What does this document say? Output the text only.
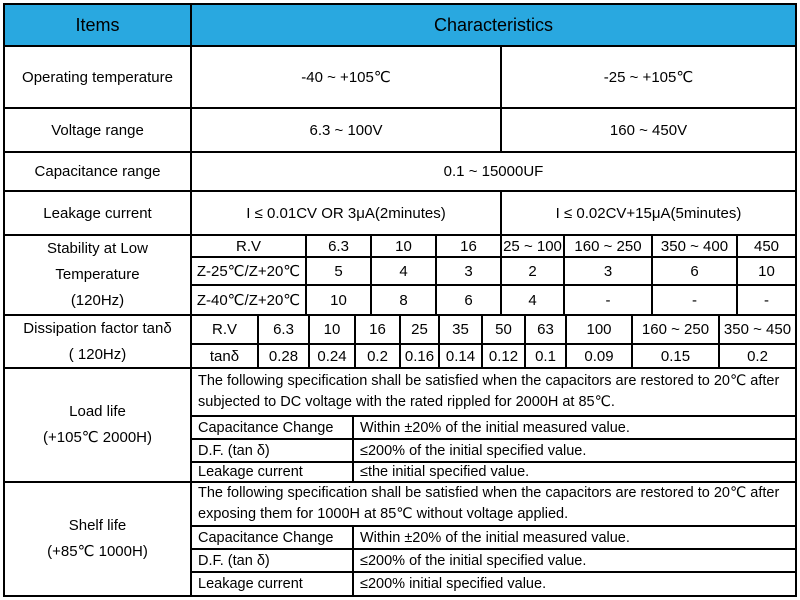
Items	Characteristics
Operating temperature	-40 ~ +105℃	-25 ~ +105℃
Voltage range	6.3 ~ 100V	160 ~ 450V
Capacitance range	0.1 ~ 15000UF
Leakage current	I ≤ 0.01CV OR 3μA(2minutes)	I ≤ 0.02CV+15μA(5minutes)
Stability at Low
Temperature
(120Hz)
R.V	6.3	10	16	25 ~ 100 160 ~ 250	350 ~ 400	450
Z-25℃/Z+20℃	5	4	3	2	3	6	10
Z-40℃/Z+20℃	10	8	6	4	-	-	-
Dissipation factor tanδ
( 120Hz)
R.V	6.3	10	16	25	35	50	63	100	160 ~ 250 350 ~ 450
tanδ	0.28	0.24	0.2	0.16 0.14 0.12	0.1	0.09	0.15	0.2
Load life
(+105℃ 2000H)
The following specification shall be satisfied when the capacitors are restored to 20℃ after
subjected to DC voltage with the rated rippled for 2000H at 85℃.
Capacitance Change	Within ±20% of the initial measured value.
D.F. (tan δ)	≤200% of the initial specified value.
Leakage current	≤the initial specified value.
Shelf life
(+85℃ 1000H)
The following specification shall be satisfied when the capacitors are restored to 20℃ after
exposing them for 1000H at 85℃ without voltage applied.
Capacitance Change	Within ±20% of the initial measured value.
D.F. (tan δ)	≤200% of the initial specified value.
Leakage current	≤200% initial specified value.
